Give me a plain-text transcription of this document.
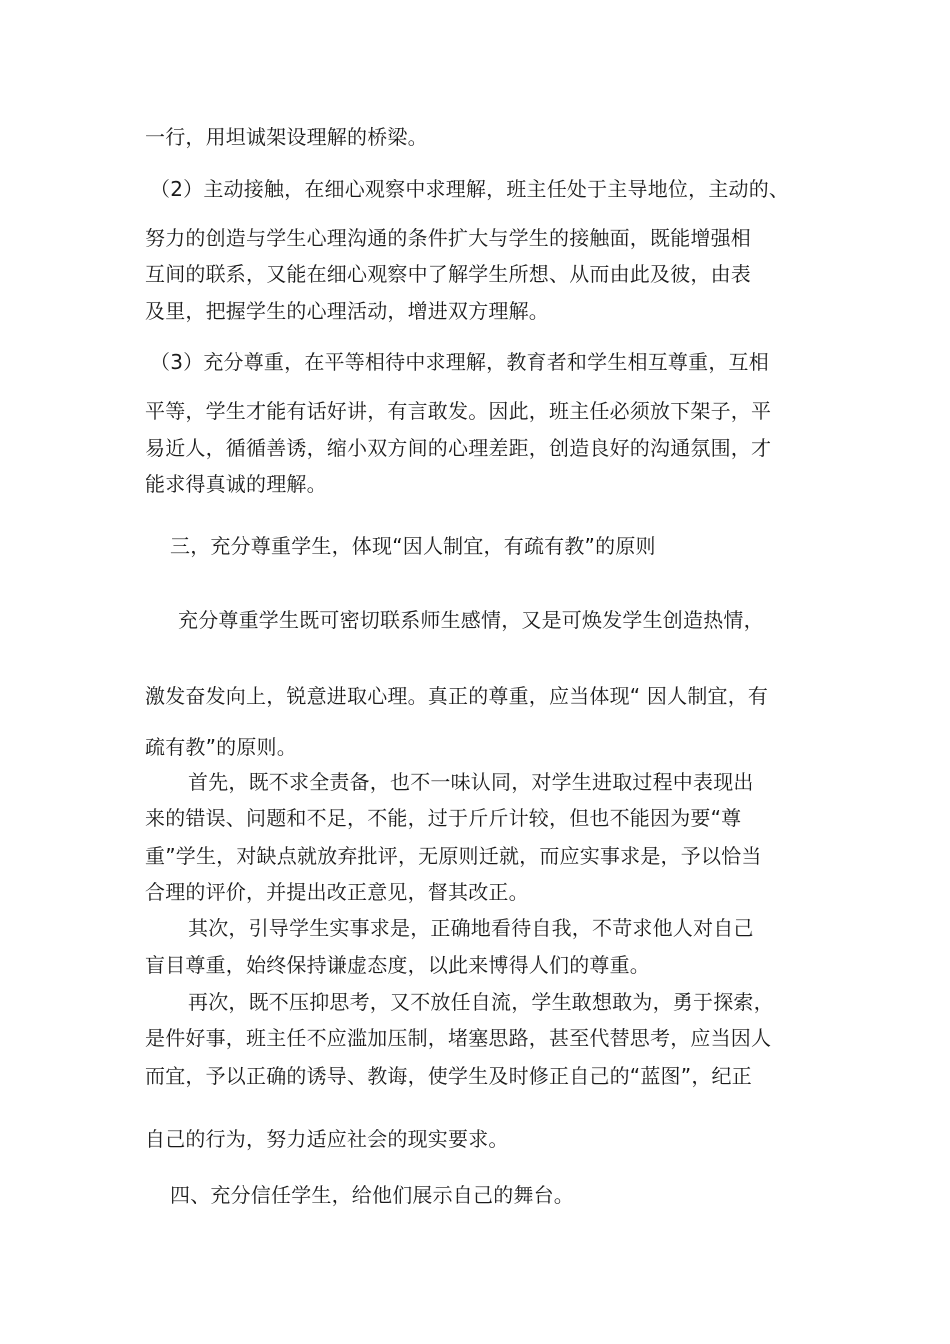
一行，用坦诚架设理解的桥梁。
（2）主动接触，在细心观察中求理解，班主任处于主导地位，主动的、
努力的创造与学生心理沟通的条件扩大与学生的接触面，既能增强相
互间的联系，又能在细心观察中了解学生所想、从而由此及彼，由表
及里，把握学生的心理活动，增进双方理解。
（3）充分尊重，在平等相待中求理解，教育者和学生相互尊重，互相
平等，学生才能有话好讲，有言敢发。因此，班主任必须放下架子，平
易近人，循循善诱，缩小双方间的心理差距，创造良好的沟通氛围，才
能求得真诚的理解。
三，充分尊重学生，体现“因人制宜，有疏有教”的原则
充分尊重学生既可密切联系师生感情，又是可焕发学生创造热情，
激发奋发向上，锐意进取心理。真正的尊重，应当体现“ 因人制宜，有
疏有教”的原则。
首先，既不求全责备，也不一味认同，对学生进取过程中表现出
来的错误、问题和不足，不能，过于斤斤计较，但也不能因为要“尊
重”学生，对缺点就放弃批评，无原则迁就，而应实事求是，予以恰当
合理的评价，并提出改正意见，督其改正。
其次，引导学生实事求是，正确地看待自我，不苛求他人对自己
盲目尊重，始终保持谦虚态度，以此来博得人们的尊重。
再次，既不压抑思考，又不放任自流，学生敢想敢为，勇于探索，
是件好事，班主任不应滥加压制，堵塞思路，甚至代替思考，应当因人
而宜，予以正确的诱导、教诲，使学生及时修正自己的“蓝图”，纪正
自己的行为，努力适应社会的现实要求。
四、充分信任学生，给他们展示自己的舞台。
